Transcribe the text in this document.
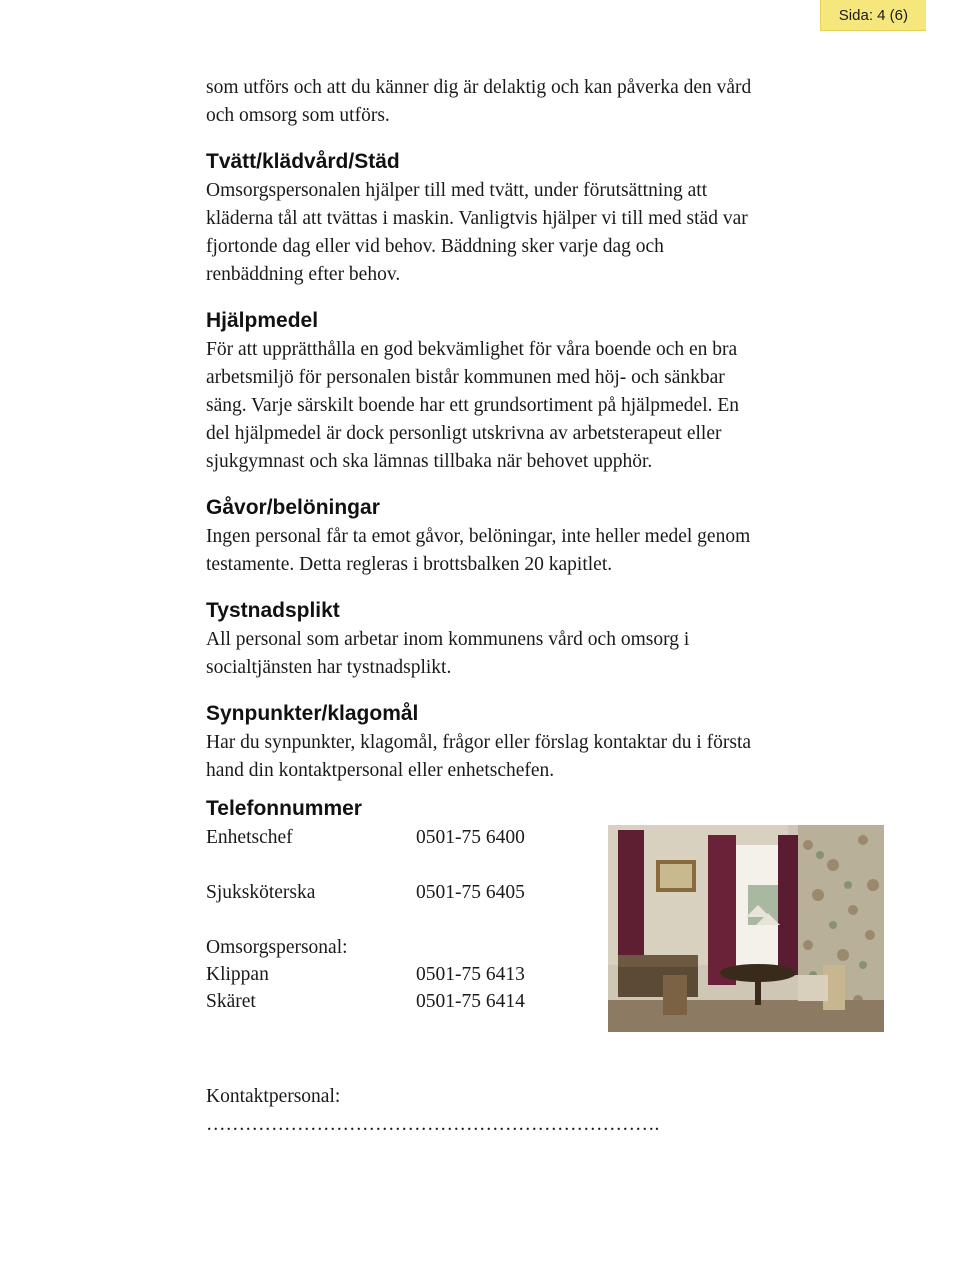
Sida: 4 (6)

som utförs och att du känner dig är delaktig och kan påverka den vård

och omsorg som utförs.

Tvätt/klädvård/Städ

Omsorgspersonalen hjälper till med tvätt, under förutsättning att

kläderna tål att tvättas i maskin. Vanligtvis hjälper vi till med städ var

fjortonde dag eller vid behov. Bäddning sker varje dag och

renbäddning efter behov.

Hjälpmedel

För att upprätthålla en god bekvämlighet för våra boende och en bra

arbetsmiljö för personalen bistår kommunen med höj- och sänkbar

säng. Varje särskilt boende har ett grundsortiment på hjälpmedel. En

del hjälpmedel är dock personligt utskrivna av arbetsterapeut eller

sjukgymnast och ska lämnas tillbaka när behovet upphör.

Gåvor/belöningar

Ingen personal får ta emot gåvor, belöningar, inte heller medel genom

testamente. Detta regleras i brottsbalken 20 kapitlet.

Tystnadsplikt

All personal som arbetar inom kommunens vård och omsorg i

socialtjänsten har tystnadsplikt.

Synpunkter/klagomål

Har du synpunkter, klagomål, frågor eller förslag kontaktar du i första

hand din kontaktpersonal eller enhetschefen.

Telefonnummer
Enhetschef	0501-75 6400
Sjuksköterska	0501-75 6405
Omsorgspersonal:
Klippan	0501-75 6413
Skäret	0501-75 6414
Kontaktpersonal:
…………………………………………………………….
